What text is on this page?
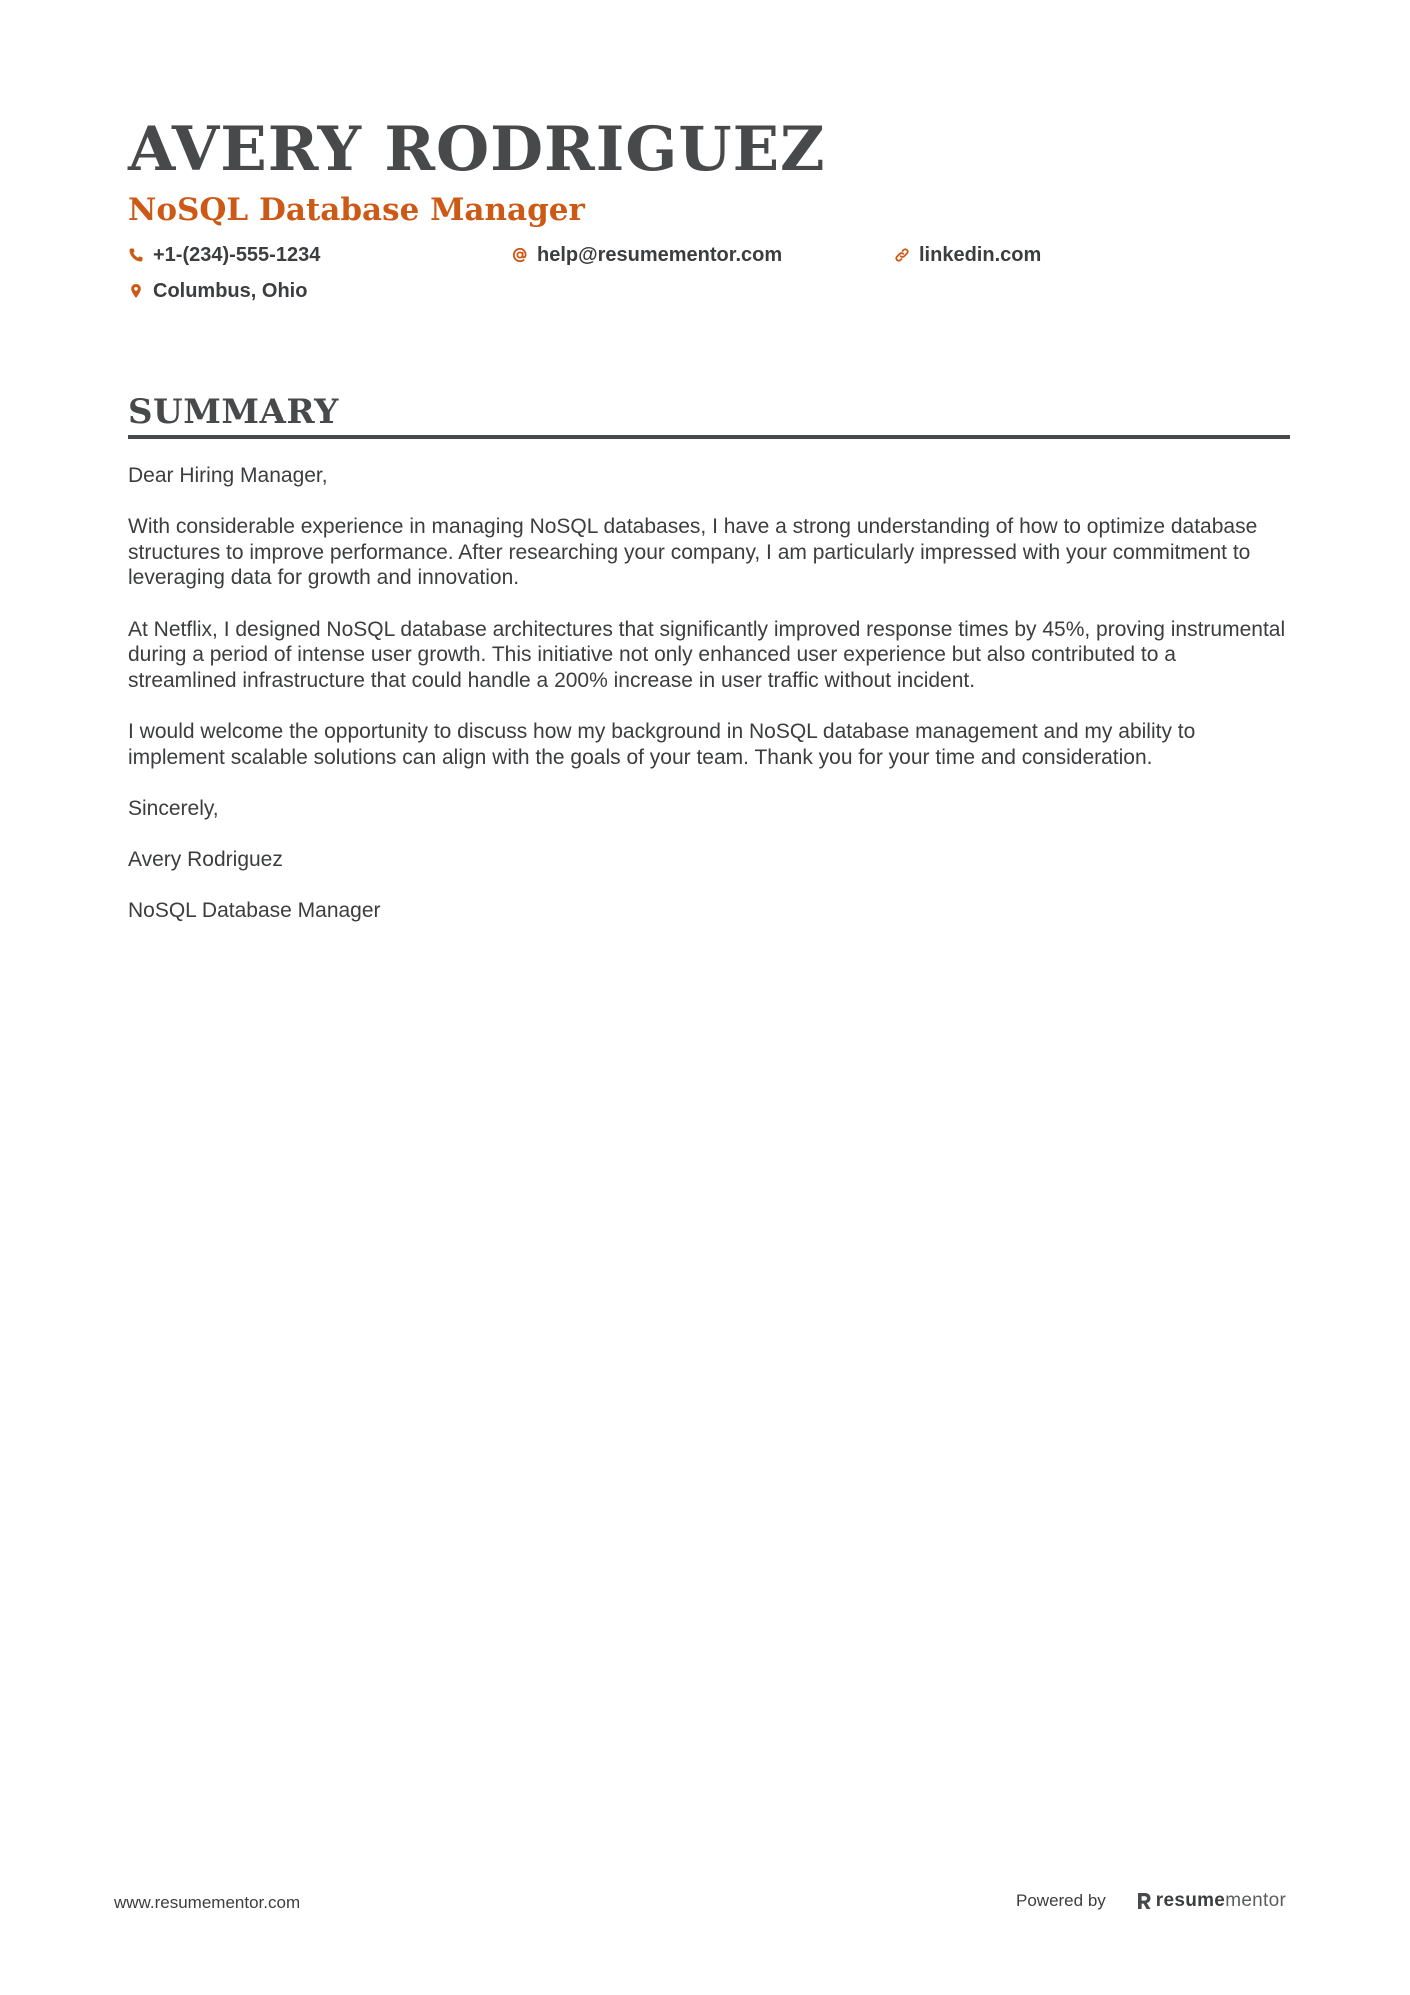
AVERY RODRIGUEZ
NoSQL Database Manager
+1-(234)-555-1234	help@resumementor.com	linkedin.com
Columbus, Ohio
SUMMARY

Dear Hiring Manager,

With considerable experience in managing NoSQL databases, I have a strong understanding of how to optimize database structures to improve performance. After researching your company, I am particularly impressed with your commitment to leveraging data for growth and innovation.

At Netflix, I designed NoSQL database architectures that significantly improved response times by 45%, proving instrumental during a period of intense user growth. This initiative not only enhanced user experience but also contributed to a streamlined infrastructure that could handle a 200% increase in user traffic without incident.

I would welcome the opportunity to discuss how my background in NoSQL database management and my ability to implement scalable solutions can align with the goals of your team. Thank you for your time and consideration.

Sincerely,

Avery Rodriguez

NoSQL Database Manager

www.resumementor.com	Powered by	resumementor
